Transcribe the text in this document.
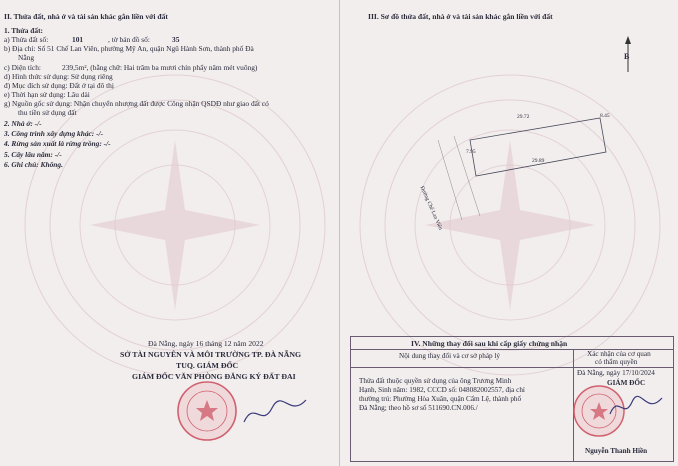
II. Thửa đất, nhà ở và tài sản khác gắn liền với đất
1. Thửa đất:
a) Thửa đất số:	101	, tờ bản đồ số:	35
b) Địa chỉ: Số 51 Chế Lan Viên, phường Mỹ An, quận Ngũ Hành Sơn, thành phố Đà
Nẵng
c) Diện tích:	239,5m², (bằng chữ: Hai trăm ba mươi chín phẩy năm mét vuông)
d) Hình thức sử dụng: Sử dụng riêng
đ) Mục đích sử dụng: Đất ở tại đô thị
e) Thời hạn sử dụng: Lâu dài
g) Nguồn gốc sử dụng: Nhận chuyển nhượng đất được Công nhận QSDĐ như giao đất có
thu tiền sử dụng đất
2. Nhà ở: -/-
3. Công trình xây dựng khác: -/-
4. Rừng sản xuất là rừng trồng: -/-
5. Cây lâu năm: -/-
6. Ghi chú: Không.
Đà Nẵng, ngày 16 tháng 12 năm 2022
SỞ TÀI NGUYÊN VÀ MÔI TRƯỜNG TP. ĐÀ NẴNG
TUQ. GIÁM ĐỐC
GIÁM ĐỐC VĂN PHÒNG ĐĂNG KÝ ĐẤT ĐAI
III. Sơ đồ thửa đất, nhà ở và tài sản khác gắn liền với đất
B
29.72	8.45
7.95
29.89
Đường Chế Lan Viên
IV. Những thay đổi sau khi cấp giấy chứng nhận
Nội dung thay đổi và cơ sở pháp lý	Xác nhận của cơ quan
có thẩm quyền
Thửa đất thuộc quyền sử dụng của ông Trương Minh
Hạnh, Sinh năm: 1982, CCCD số: 048082002557, địa chỉ
thường trú: Phường Hòa Xuân, quận Cẩm Lệ, thành phố
Đà Nẵng; theo hồ sơ số 511690.CN.006./
Đà Nẵng, ngày 17/10/2024
GIÁM ĐỐC
Nguyễn Thanh Hiền
